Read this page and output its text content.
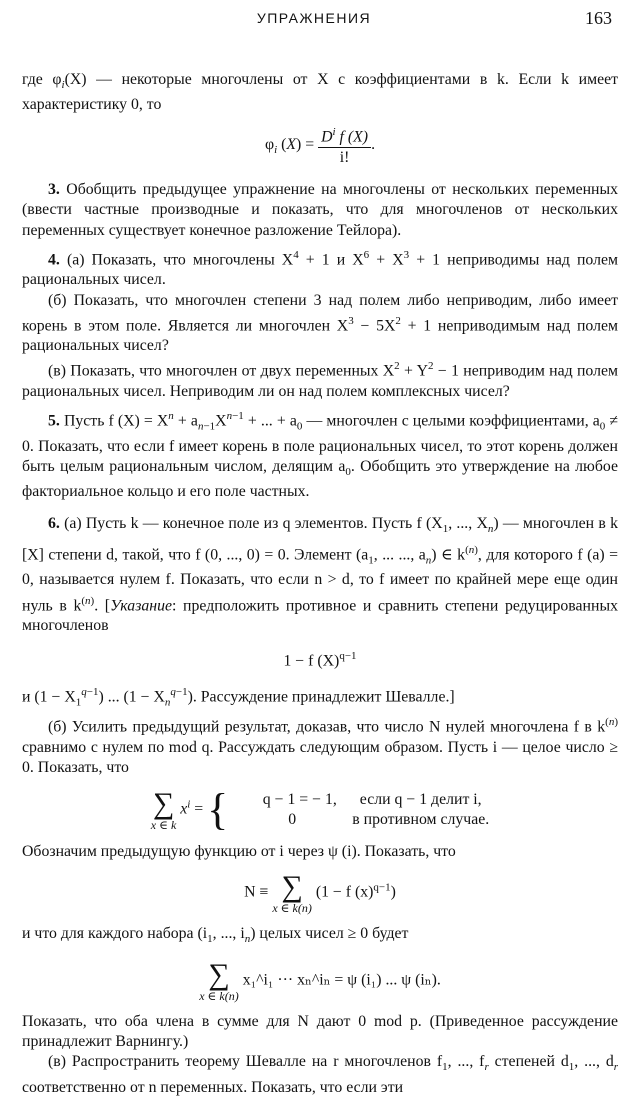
УПРАЖНЕНИЯ	163

где $\varphi_i(X)$ — некоторые многочлены от X с коэффициентами в k. Если k имеет характеристику 0, то

$\varphi_i$ $(X) = \frac{D^i f (X)}{i!}$ .

3. Обобщить предыдущее упражнение на многочлены от нескольких переменных (ввести частные производные и показать, что для многочленов от нескольких переменных существует конечное разложение Тейлора).

4. (а) Показать, что многочлены $X^4 + 1$ и $X^6 + X^3 + 1$ неприводимы над полем рациональных чисел.

(б) Показать, что многочлен степени 3 над полем либо неприводим, либо имеет корень в этом поле. Является ли многочлен $X^3 - 5X^2 + 1$ неприводимым над полем рациональных чисел?

(в) Показать, что многочлен от двух переменных $X^2 + Y^2 - 1$ неприводим над полем рациональных чисел. Неприводим ли он над полем комплексных чисел?

5. Пусть f $(X) = X^n + a_{n-1}X^{n-1}$ + ... + $a_0$ — многочлен с целыми коэффициентами, $a_0 \ne 0$. Показать, что если f имеет корень в поле рациональных чисел, то этот корень должен быть целым рациональным числом, делящим $a_0$. Обобщить это утверждение на любое факториальное кольцо и его поле частных.

6. (а) Пусть k — конечное поле из q элементов. Пусть f ($X_1$, ..., $X_n$) — многочлен в k [X] степени d, такой, что f (0, ..., 0) = 0. Элемент ($a_1$, ... ..., $a_n$) ∈ $k^{(n)}$, для которого f (a) = 0, называется нулем f. Показать, что если n > d, то f имеет по крайней мере еще один нуль в $k^{(n)}$. [Указание: предположить противное и сравнить степени редуцированных многочленов

1 − f $(X)^{q-1}$

и $(1 - X_1^{q-1})$ ... $(1 - X_n^{q-1})$. Рассуждение принадлежит Шевалле.]

(б) Усилить предыдущий результат, доказав, что число N нулей многочлена f в $k^{(n)}$ сравнимо с нулем по mod q. Рассуждать следующим образом. Пусть i — целое число ≥ 0. Показать, что

∑
x ∈ k
$x^i$ = {	q − 1 = − 1, если q − 1 делит i,
0	в противном случае.

Обозначим предыдущую функцию от i через ψ (i). Показать, что

N ≡ ∑
x ∈ k(n)
(1 − f $(x)^{q-1}$)

и что для каждого набора ($i_1$, ..., $i_n$) целых чисел ≥ 0 будет

∑
x ∈ k(n)
x₁^i₁ ··· xₙ^iₙ = ψ (i₁) ... ψ (iₙ).

Показать, что оба члена в сумме для N дают 0 mod p. (Приведенное рассуждение принадлежит Варнингу.)

(в) Распространить теорему Шевалле на r многочленов $f_1$, ..., $f_r$ степеней $d_1$, ..., $d_r$ соответственно от n переменных. Показать, что если эти
